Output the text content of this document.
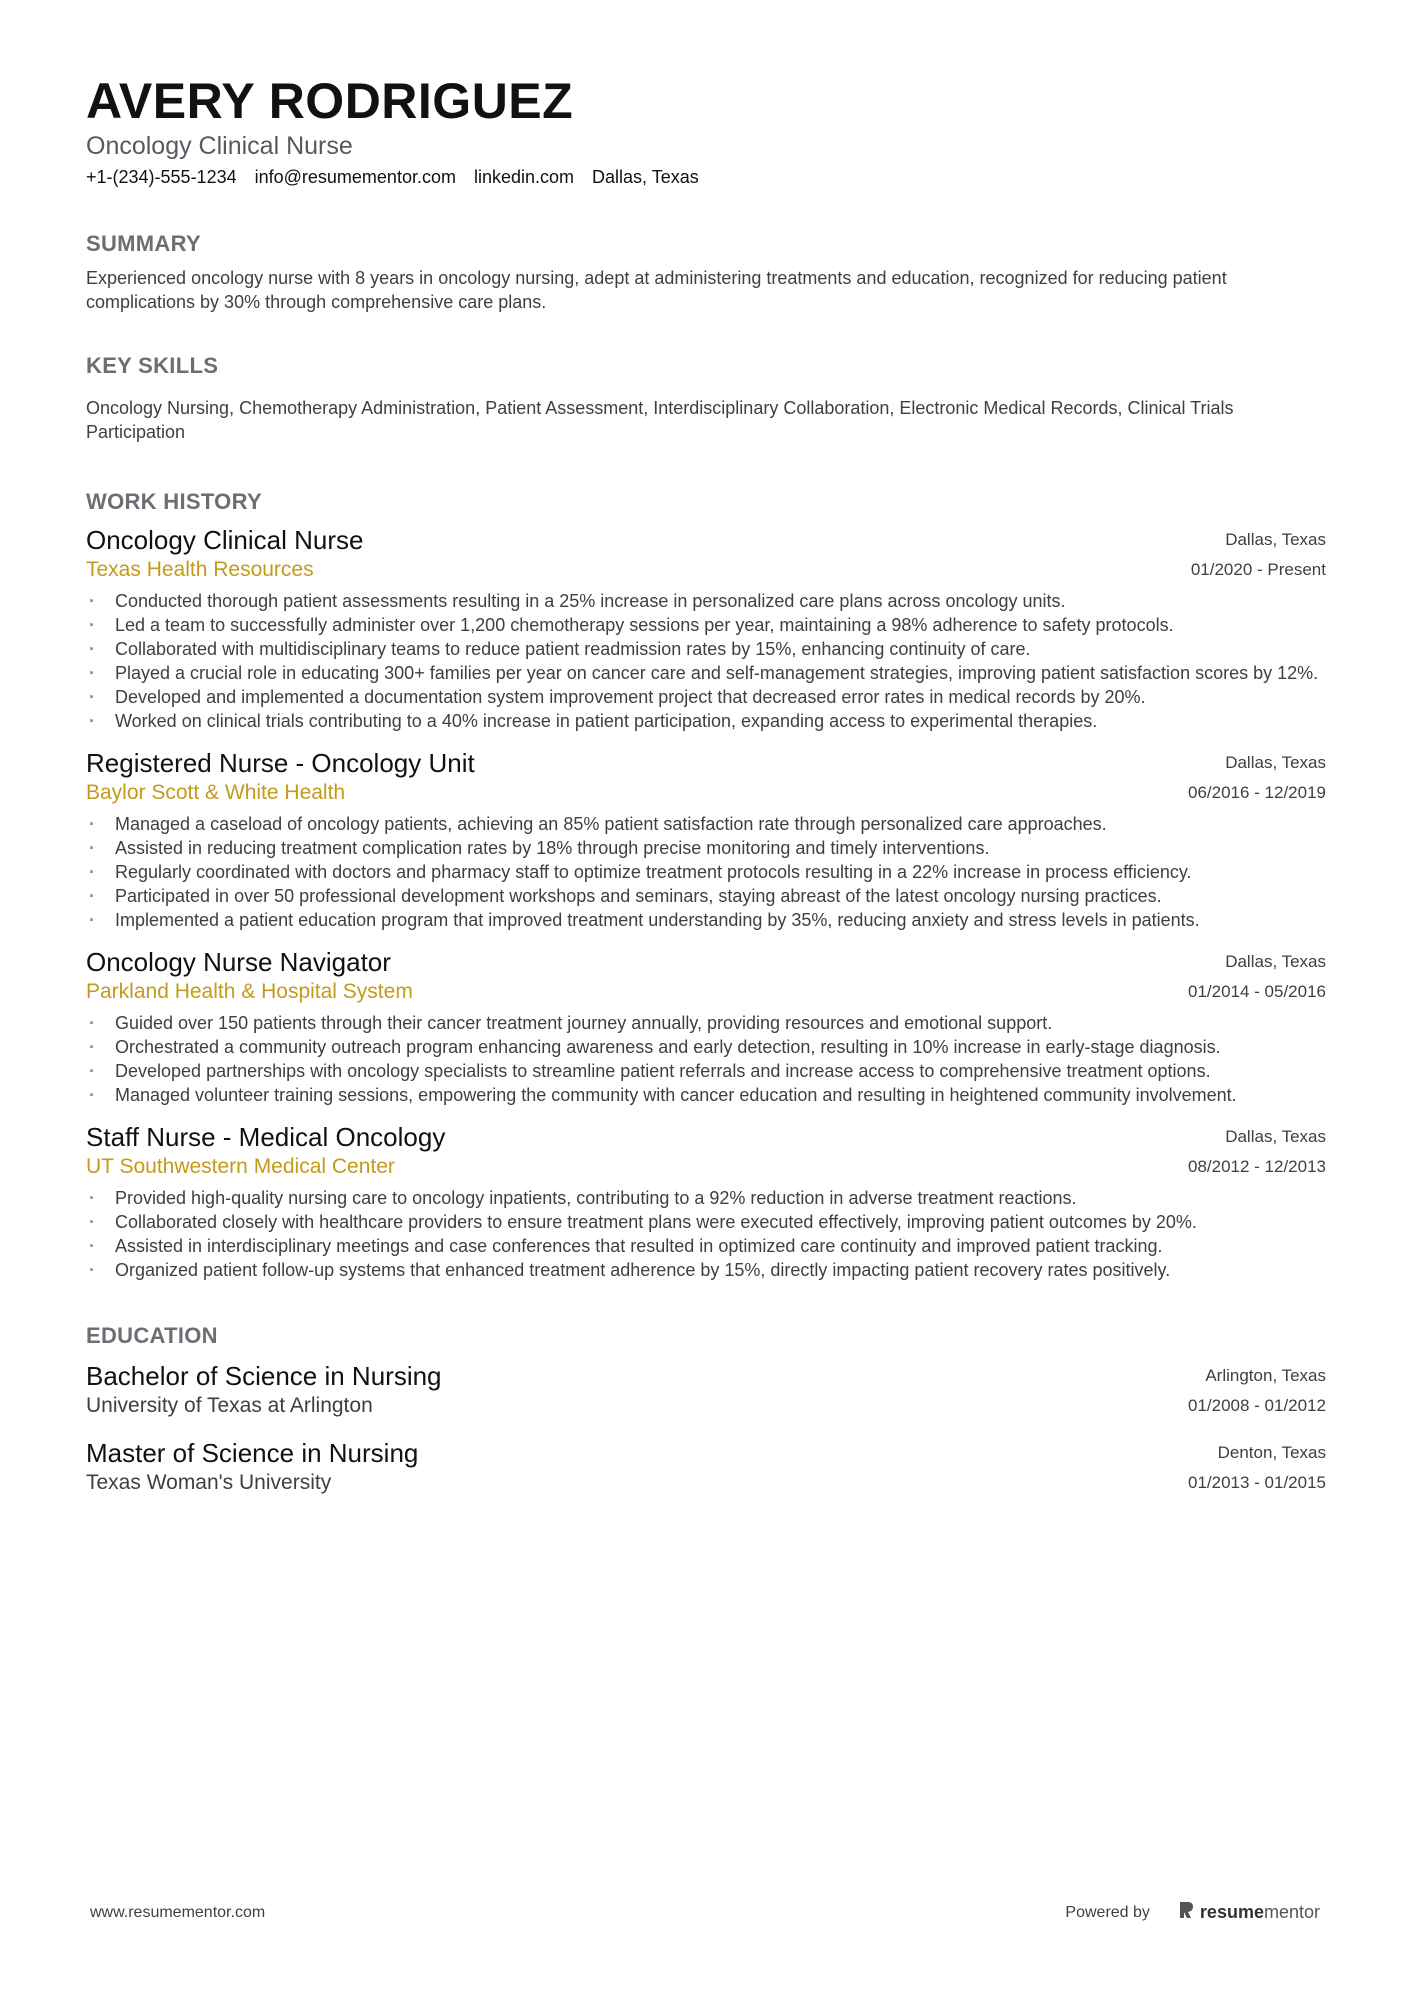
AVERY RODRIGUEZ
Oncology Clinical Nurse
+1-(234)-555-1234 info@resumementor.com linkedin.com Dallas, Texas
SUMMARY
Experienced oncology nurse with 8 years in oncology nursing, adept at administering treatments and education, recognized for reducing patient complications by 30% through comprehensive care plans.
KEY SKILLS
Oncology Nursing, Chemotherapy Administration, Patient Assessment, Interdisciplinary Collaboration, Electronic Medical Records, Clinical Trials Participation
WORK HISTORY
Oncology Clinical Nurse
Texas Health Resources
Dallas, Texas
01/2020 - Present
· Conducted thorough patient assessments resulting in a 25% increase in personalized care plans across oncology units.
· Led a team to successfully administer over 1,200 chemotherapy sessions per year, maintaining a 98% adherence to safety protocols.
· Collaborated with multidisciplinary teams to reduce patient readmission rates by 15%, enhancing continuity of care.
· Played a crucial role in educating 300+ families per year on cancer care and self-management strategies, improving patient satisfaction scores by 12%.
· Developed and implemented a documentation system improvement project that decreased error rates in medical records by 20%.
· Worked on clinical trials contributing to a 40% increase in patient participation, expanding access to experimental therapies.
Registered Nurse - Oncology Unit
Baylor Scott & White Health
Dallas, Texas
06/2016 - 12/2019
· Managed a caseload of oncology patients, achieving an 85% patient satisfaction rate through personalized care approaches.
· Assisted in reducing treatment complication rates by 18% through precise monitoring and timely interventions.
· Regularly coordinated with doctors and pharmacy staff to optimize treatment protocols resulting in a 22% increase in process efficiency.
· Participated in over 50 professional development workshops and seminars, staying abreast of the latest oncology nursing practices.
· Implemented a patient education program that improved treatment understanding by 35%, reducing anxiety and stress levels in patients.
Oncology Nurse Navigator
Parkland Health & Hospital System
Dallas, Texas
01/2014 - 05/2016
· Guided over 150 patients through their cancer treatment journey annually, providing resources and emotional support.
· Orchestrated a community outreach program enhancing awareness and early detection, resulting in 10% increase in early-stage diagnosis.
· Developed partnerships with oncology specialists to streamline patient referrals and increase access to comprehensive treatment options.
· Managed volunteer training sessions, empowering the community with cancer education and resulting in heightened community involvement.
Staff Nurse - Medical Oncology
UT Southwestern Medical Center
Dallas, Texas
08/2012 - 12/2013
· Provided high-quality nursing care to oncology inpatients, contributing to a 92% reduction in adverse treatment reactions.
· Collaborated closely with healthcare providers to ensure treatment plans were executed effectively, improving patient outcomes by 20%.
· Assisted in interdisciplinary meetings and case conferences that resulted in optimized care continuity and improved patient tracking.
· Organized patient follow-up systems that enhanced treatment adherence by 15%, directly impacting patient recovery rates positively.
EDUCATION
Bachelor of Science in Nursing
University of Texas at Arlington
Arlington, Texas
01/2008 - 01/2012
Master of Science in Nursing
Texas Woman's University
Denton, Texas
01/2013 - 01/2015
www.resumementor.com	Powered by	resumementor
